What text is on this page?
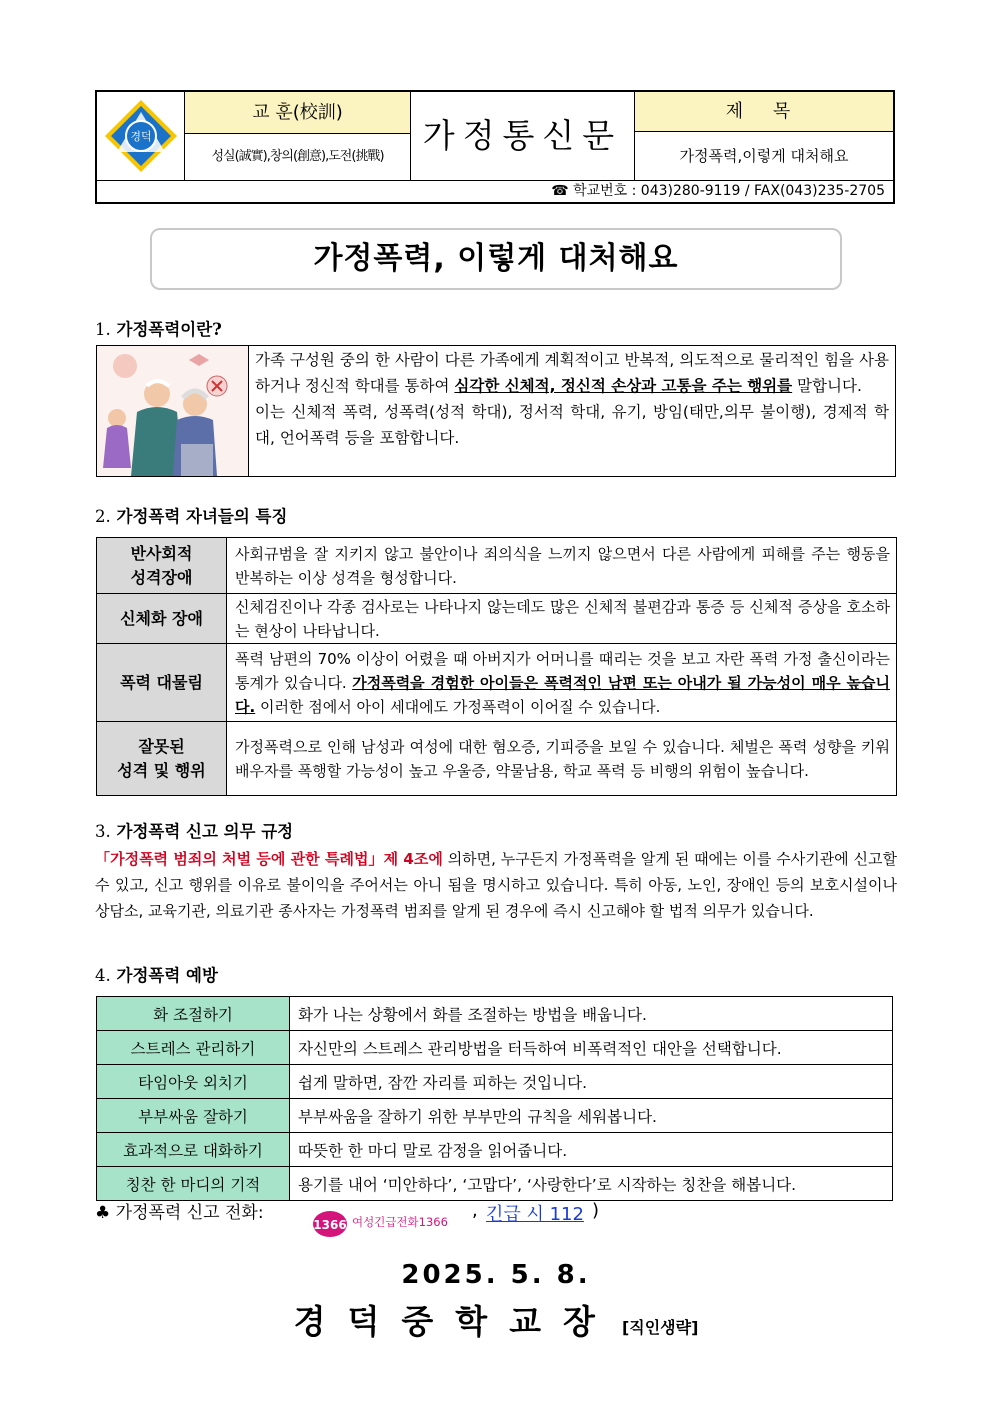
경덕
교 훈(校訓)
성실(誠實),창의(創意),도전(挑戰)
가정통신문
제 목
가정폭력,이렇게 대처해요
☎ 학교번호 : 043)280-9119 / FAX(043)235-2705
가정폭력, 이렇게 대처해요
1. 가정폭력이란?
가족 구성원 중의 한 사람이 다른 가족에게 계획적이고 반복적, 의도적으로 물리적인 힘을 사용하거나 정신적 학대를 통하여 심각한 신체적, 정신적 손상과 고통을 주는 행위를 말합니다.
이는 신체적 폭력, 성폭력(성적 학대), 정서적 학대, 유기, 방임(태만,의무 불이행), 경제적 학대, 언어폭력 등을 포함합니다.
2. 가정폭력 자녀들의 특징
반사회적
성격장애	사회규범을 잘 지키지 않고 불안이나 죄의식을 느끼지 않으면서 다른 사람에게 피해를 주는 행동을 반복하는 이상 성격을 형성합니다.
신체화 장애	신체검진이나 각종 검사로는 나타나지 않는데도 많은 신체적 불편감과 통증 등 신체적 증상을 호소하는 현상이 나타납니다.
폭력 대물림	폭력 남편의 70% 이상이 어렸을 때 아버지가 어머니를 때리는 것을 보고 자란 폭력 가정 출신이라는 통계가 있습니다. 가정폭력을 경험한 아이들은 폭력적인 남편 또는 아내가 될 가능성이 매우 높습니다. 이러한 점에서 아이 세대에도 가정폭력이 이어질 수 있습니다.
잘못된
성격 및 행위	가정폭력으로 인해 남성과 여성에 대한 혐오증, 기피증을 보일 수 있습니다. 체벌은 폭력 성향을 키워 배우자를 폭행할 가능성이 높고 우울증, 약물남용, 학교 폭력 등 비행의 위험이 높습니다.
3. 가정폭력 신고 의무 규정
「가정폭력 범죄의 처벌 등에 관한 특례법」제 4조에 의하면, 누구든지 가정폭력을 알게 된 때에는 이를 수사기관에 신고할 수 있고, 신고 행위를 이유로 불이익을 주어서는 아니 됨을 명시하고 있습니다. 특히 아동, 노인, 장애인 등의 보호시설이나 상담소, 교육기관, 의료기관 종사자는 가정폭력 범죄를 알게 된 경우에 즉시 신고해야 할 법적 의무가 있습니다.
4. 가정폭력 예방
화 조절하기	화가 나는 상황에서 화를 조절하는 방법을 배웁니다.
스트레스 관리하기	자신만의 스트레스 관리방법을 터득하여 비폭력적인 대안을 선택합니다.
타임아웃 외치기	쉽게 말하면, 잠깐 자리를 피하는 것입니다.
부부싸움 잘하기	부부싸움을 잘하기 위한 부부만의 규칙을 세워봅니다.
효과적으로 대화하기	따뜻한 한 마디 말로 감정을 읽어줍니다.
칭찬 한 마디의 기적	용기를 내어 ‘미안하다’, ‘고맙다’, ‘사랑한다’로 시작하는 칭찬을 해봅니다.
♣ 가정폭력 신고 전화:
1366 여성긴급전화1366
, 긴급 시 112 )
2025. 5. 8.
경덕중학교장 [직인생략]
